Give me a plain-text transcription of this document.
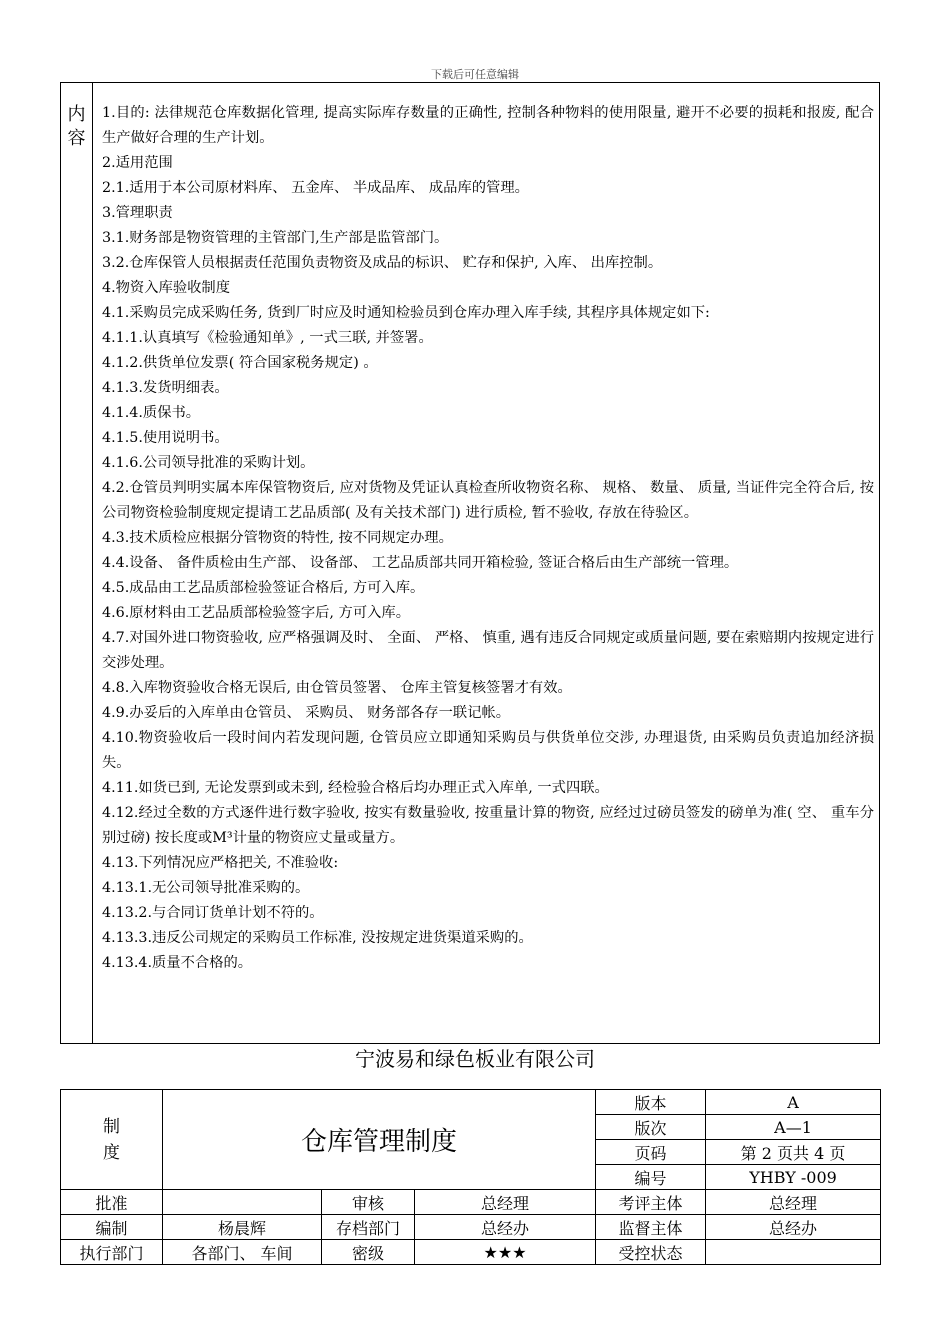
下载后可任意编辑
内
容

1.目的: 法律规范仓库数据化管理, 提高实际库存数量的正确性, 控制各种物料的使用限量, 避开不必要的损耗和报废, 配合生产做好合理的生产计划。

2.适用范围

2.1.适用于本公司原材料库、 五金库、 半成品库、 成品库的管理。

3.管理职责

3.1.财务部是物资管理的主管部门,生产部是监管部门。

3.2.仓库保管人员根据责任范围负责物资及成品的标识、 贮存和保护, 入库、 出库控制。

4.物资入库验收制度

4.1.采购员完成采购任务, 货到厂时应及时通知检验员到仓库办理入库手续, 其程序具体规定如下:

4.1.1.认真填写《检验通知单》, 一式三联, 并签署。

4.1.2.供货单位发票( 符合国家税务规定) 。

4.1.3.发货明细表。

4.1.4.质保书。

4.1.5.使用说明书。

4.1.6.公司领导批准的采购计划。

4.2.仓管员判明实属本库保管物资后, 应对货物及凭证认真检查所收物资名称、 规格、 数量、 质量, 当证件完全符合后, 按公司物资检验制度规定提请工艺品质部( 及有关技术部门) 进行质检, 暂不验收, 存放在待验区。

4.3.技术质检应根据分管物资的特性, 按不同规定办理。

4.4.设备、 备件质检由生产部、 设备部、 工艺品质部共同开箱检验, 签证合格后由生产部统一管理。

4.5.成品由工艺品质部检验签证合格后, 方可入库。

4.6.原材料由工艺品质部检验签字后, 方可入库。

4.7.对国外进口物资验收, 应严格强调及时、 全面、 严格、 慎重, 遇有违反合同规定或质量问题, 要在索赔期内按规定进行交涉处理。

4.8.入库物资验收合格无误后, 由仓管员签署、 仓库主管复核签署才有效。

4.9.办妥后的入库单由仓管员、 采购员、 财务部各存一联记帐。

4.10.物资验收后一段时间内若发现问题, 仓管员应立即通知采购员与供货单位交涉, 办理退货, 由采购员负责追加经济损失。

4.11.如货已到, 无论发票到或未到, 经检验合格后均办理正式入库单, 一式四联。

4.12.经过全数的方式逐件进行数字验收, 按实有数量验收, 按重量计算的物资, 应经过过磅员签发的磅单为准( 空、 重车分别过磅) 按长度或M³计量的物资应丈量或量方。

4.13.下列情况应严格把关, 不准验收:

4.13.1.无公司领导批准采购的。

4.13.2.与合同订货单计划不符的。

4.13.3.违反公司规定的采购员工作标准, 没按规定进货渠道采购的。

4.13.4.质量不合格的。

宁波易和绿色板业有限公司
制
度	仓库管理制度			版本	A
				版次	A—1
				页码	第 2 页共 4 页
				编号	YHBY -009
批准		审核	总经理	考评主体	总经理
编制	杨晨辉	存档部门	总经办	监督主体	总经办
执行部门	各部门、 车间	密级	★★★	受控状态	
